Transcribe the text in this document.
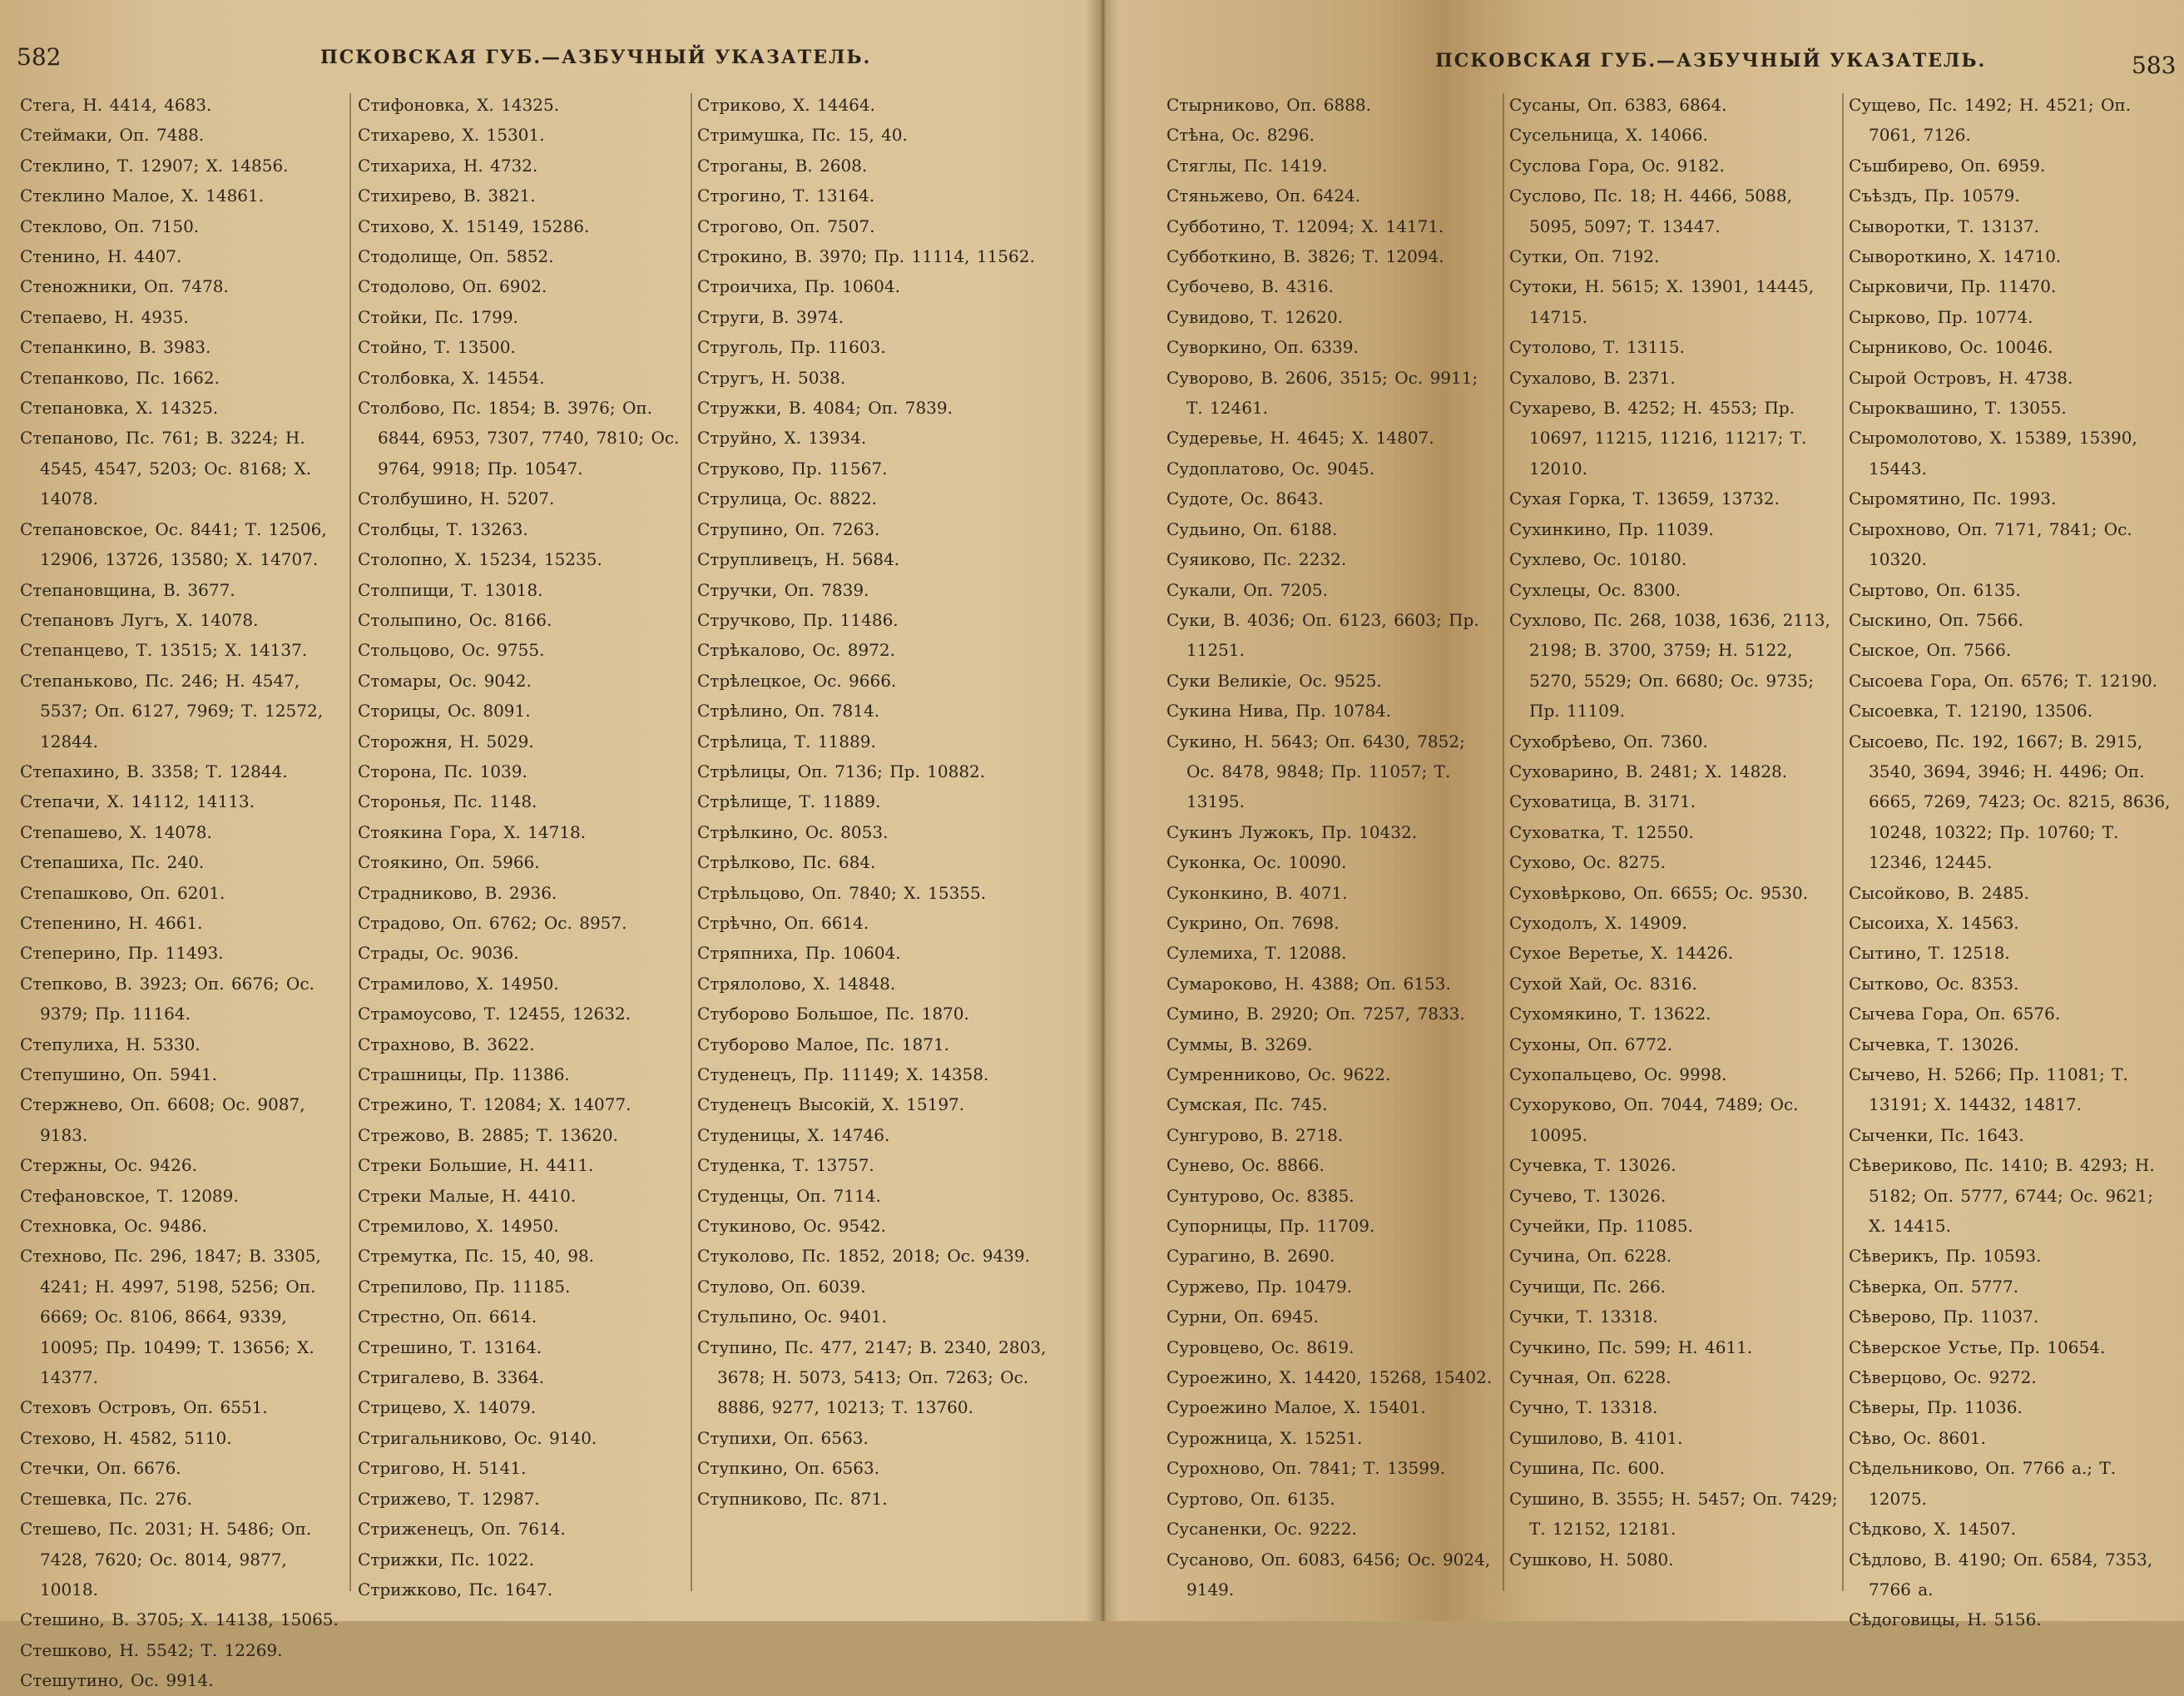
582	ПСКОВСКАЯ ГУБ.—АЗБУЧНЫЙ УКАЗАТЕЛЬ.

Стега, Н. 4414, 4683.

Стеймаки, Оп. 7488.

Стеклино, Т. 12907; Х. 14856.

Стеклино Малое, Х. 14861.

Стеклово, Оп. 7150.

Стенино, Н. 4407.

Стеножники, Оп. 7478.

Степаево, Н. 4935.

Степанкино, В. 3983.

Степанково, Пс. 1662.

Степановка, Х. 14325.

Степаново, Пс. 761; В. 3224; Н. 4545, 4547, 5203; Ос. 8168; Х. 14078.

Степановское, Ос. 8441; Т. 12506, 12906, 13726, 13580; Х. 14707.

Степановщина, В. 3677.

Степановъ Лугъ, Х. 14078.

Степанцево, Т. 13515; Х. 14137.

Степаньково, Пс. 246; Н. 4547, 5537; Оп. 6127, 7969; Т. 12572, 12844.

Степахино, В. 3358; Т. 12844.

Степачи, Х. 14112, 14113.

Степашево, Х. 14078.

Степашиха, Пс. 240.

Степашково, Оп. 6201.

Степенино, Н. 4661.

Степерино, Пр. 11493.

Степково, В. 3923; Оп. 6676; Ос. 9379; Пр. 11164.

Степулиха, Н. 5330.

Степушино, Оп. 5941.

Стержнево, Оп. 6608; Ос. 9087, 9183.

Стержны, Ос. 9426.

Стефановское, Т. 12089.

Стехновка, Ос. 9486.

Стехново, Пс. 296, 1847; В. 3305, 4241; Н. 4997, 5198, 5256; Оп. 6669; Ос. 8106, 8664, 9339, 10095; Пр. 10499; Т. 13656; Х. 14377.

Стеховъ Островъ, Оп. 6551.

Стехово, Н. 4582, 5110.

Стечки, Оп. 6676.

Стешевка, Пс. 276.

Стешево, Пс. 2031; Н. 5486; Оп. 7428, 7620; Ос. 8014, 9877, 10018.

Стешино, В. 3705; Х. 14138, 15065.

Стешково, Н. 5542; Т. 12269.

Стешутино, Ос. 9914.

Стифоновка, Х. 14325.

Стихарево, Х. 15301.

Стихариха, Н. 4732.

Стихирево, В. 3821.

Стихово, Х. 15149, 15286.

Стодолище, Оп. 5852.

Стодолово, Оп. 6902.

Стойки, Пс. 1799.

Стойно, Т. 13500.

Столбовка, Х. 14554.

Столбово, Пс. 1854; В. 3976; Оп. 6844, 6953, 7307, 7740, 7810; Ос. 9764, 9918; Пр. 10547.

Столбушино, Н. 5207.

Столбцы, Т. 13263.

Столопно, Х. 15234, 15235.

Столпищи, Т. 13018.

Столыпино, Ос. 8166.

Стольцово, Ос. 9755.

Стомары, Ос. 9042.

Сторицы, Ос. 8091.

Сторожня, Н. 5029.

Сторона, Пс. 1039.

Сторонья, Пс. 1148.

Стоякина Гора, Х. 14718.

Стоякино, Оп. 5966.

Страдниково, В. 2936.

Страдово, Оп. 6762; Ос. 8957.

Страды, Ос. 9036.

Страмилово, Х. 14950.

Страмоусово, Т. 12455, 12632.

Страхново, В. 3622.

Страшницы, Пр. 11386.

Стрежино, Т. 12084; Х. 14077.

Стрежово, В. 2885; Т. 13620.

Стреки Большие, Н. 4411.

Стреки Малые, Н. 4410.

Стремилово, Х. 14950.

Стремутка, Пс. 15, 40, 98.

Стрепилово, Пр. 11185.

Стрестно, Оп. 6614.

Стрешино, Т. 13164.

Стригалево, В. 3364.

Стрицево, Х. 14079.

Стригальниково, Ос. 9140.

Стригово, Н. 5141.

Стрижево, Т. 12987.

Стриженецъ, Оп. 7614.

Стрижки, Пс. 1022.

Стрижково, Пс. 1647.

Стриково, Х. 14464.

Стримушка, Пс. 15, 40.

Строганы, В. 2608.

Строгино, Т. 13164.

Строгово, Оп. 7507.

Строкино, В. 3970; Пр. 11114, 11562.

Строичиха, Пр. 10604.

Струги, В. 3974.

Струголь, Пр. 11603.

Стругъ, Н. 5038.

Стружки, В. 4084; Оп. 7839.

Струйно, Х. 13934.

Струково, Пр. 11567.

Струлица, Ос. 8822.

Струпино, Оп. 7263.

Струпливецъ, Н. 5684.

Стручки, Оп. 7839.

Стручково, Пр. 11486.

Стрѣкалово, Ос. 8972.

Стрѣлецкое, Ос. 9666.

Стрѣлино, Оп. 7814.

Стрѣлица, Т. 11889.

Стрѣлицы, Оп. 7136; Пр. 10882.

Стрѣлище, Т. 11889.

Стрѣлкино, Ос. 8053.

Стрѣлково, Пс. 684.

Стрѣльцово, Оп. 7840; Х. 15355.

Стрѣчно, Оп. 6614.

Стряпниха, Пр. 10604.

Стрялолово, Х. 14848.

Стуборово Большое, Пс. 1870.

Стуборово Малое, Пс. 1871.

Студенецъ, Пр. 11149; Х. 14358.

Студенецъ Высокій, Х. 15197.

Студеницы, Х. 14746.

Студенка, Т. 13757.

Студенцы, Оп. 7114.

Стукиново, Ос. 9542.

Стуколово, Пс. 1852, 2018; Ос. 9439.

Стулово, Оп. 6039.

Стульпино, Ос. 9401.

Ступино, Пс. 477, 2147; В. 2340, 2803, 3678; Н. 5073, 5413; Оп. 7263; Ос. 8886, 9277, 10213; Т. 13760.

Ступихи, Оп. 6563.

Ступкино, Оп. 6563.

Ступниково, Пс. 871.

ПСКОВСКАЯ ГУБ.—АЗБУЧНЫЙ УКАЗАТЕЛЬ.	583

Стырниково, Оп. 6888.

Стѣна, Ос. 8296.

Стяглы, Пс. 1419.

Стяньжево, Оп. 6424.

Субботино, Т. 12094; Х. 14171.

Субботкино, В. 3826; Т. 12094.

Субочево, В. 4316.

Сувидово, Т. 12620.

Суворкино, Оп. 6339.

Суворово, В. 2606, 3515; Ос. 9911; Т. 12461.

Судеревье, Н. 4645; Х. 14807.

Судоплатово, Ос. 9045.

Судоте, Ос. 8643.

Судьино, Оп. 6188.

Суяиково, Пс. 2232.

Сукали, Оп. 7205.

Суки, В. 4036; Оп. 6123, 6603; Пр. 11251.

Суки Великіе, Ос. 9525.

Сукина Нива, Пр. 10784.

Сукино, Н. 5643; Оп. 6430, 7852; Ос. 8478, 9848; Пр. 11057; Т. 13195.

Сукинъ Лужокъ, Пр. 10432.

Суконка, Ос. 10090.

Суконкино, В. 4071.

Сукрино, Оп. 7698.

Сулемиха, Т. 12088.

Сумароково, Н. 4388; Оп. 6153.

Сумино, В. 2920; Оп. 7257, 7833.

Суммы, В. 3269.

Сумренниково, Ос. 9622.

Сумская, Пс. 745.

Сунгурово, В. 2718.

Сунево, Ос. 8866.

Сунтурово, Ос. 8385.

Супорницы, Пр. 11709.

Сурагино, В. 2690.

Суржево, Пр. 10479.

Сурни, Оп. 6945.

Суровцево, Ос. 8619.

Суроежино, Х. 14420, 15268, 15402.

Суроежино Малое, Х. 15401.

Сурожница, Х. 15251.

Сурохново, Оп. 7841; Т. 13599.

Суртово, Оп. 6135.

Сусаненки, Ос. 9222.

Сусаново, Оп. 6083, 6456; Ос. 9024, 9149.

Сусаны, Оп. 6383, 6864.

Сусельница, Х. 14066.

Суслова Гора, Ос. 9182.

Суслово, Пс. 18; Н. 4466, 5088, 5095, 5097; Т. 13447.

Сутки, Оп. 7192.

Сутоки, Н. 5615; Х. 13901, 14445, 14715.

Сутолово, Т. 13115.

Сухалово, В. 2371.

Сухарево, В. 4252; Н. 4553; Пр. 10697, 11215, 11216, 11217; Т. 12010.

Сухая Горка, Т. 13659, 13732.

Сухинкино, Пр. 11039.

Сухлево, Ос. 10180.

Сухлецы, Ос. 8300.

Сухлово, Пс. 268, 1038, 1636, 2113, 2198; В. 3700, 3759; Н. 5122, 5270, 5529; Оп. 6680; Ос. 9735; Пр. 11109.

Сухобрѣево, Оп. 7360.

Суховарино, В. 2481; Х. 14828.

Суховатица, В. 3171.

Суховатка, Т. 12550.

Сухово, Ос. 8275.

Суховѣрково, Оп. 6655; Ос. 9530.

Суходолъ, Х. 14909.

Сухое Веретье, Х. 14426.

Сухой Хай, Ос. 8316.

Сухомякино, Т. 13622.

Сухоны, Оп. 6772.

Сухопальцево, Ос. 9998.

Сухоруково, Оп. 7044, 7489; Ос. 10095.

Сучевка, Т. 13026.

Сучево, Т. 13026.

Сучейки, Пр. 11085.

Сучина, Оп. 6228.

Сучищи, Пс. 266.

Сучки, Т. 13318.

Сучкино, Пс. 599; Н. 4611.

Сучная, Оп. 6228.

Сучно, Т. 13318.

Сушилово, В. 4101.

Сушина, Пс. 600.

Сушино, В. 3555; Н. 5457; Оп. 7429; Т. 12152, 12181.

Сушково, Н. 5080.

Сущево, Пс. 1492; Н. 4521; Оп. 7061, 7126.

Съшбирево, Оп. 6959.

Съѣздъ, Пр. 10579.

Сыворотки, Т. 13137.

Сывороткино, Х. 14710.

Сырковичи, Пр. 11470.

Сырково, Пр. 10774.

Сырниково, Ос. 10046.

Сырой Островъ, Н. 4738.

Сыроквашино, Т. 13055.

Сыромолотово, Х. 15389, 15390, 15443.

Сыромятино, Пс. 1993.

Сырохново, Оп. 7171, 7841; Ос. 10320.

Сыртово, Оп. 6135.

Сыскино, Оп. 7566.

Сыское, Оп. 7566.

Сысоева Гора, Оп. 6576; Т. 12190.

Сысоевка, Т. 12190, 13506.

Сысоево, Пс. 192, 1667; В. 2915, 3540, 3694, 3946; Н. 4496; Оп. 6665, 7269, 7423; Ос. 8215, 8636, 10248, 10322; Пр. 10760; Т. 12346, 12445.

Сысойково, В. 2485.

Сысоиха, Х. 14563.

Сытино, Т. 12518.

Сытково, Ос. 8353.

Сычева Гора, Оп. 6576.

Сычевка, Т. 13026.

Сычево, Н. 5266; Пр. 11081; Т. 13191; Х. 14432, 14817.

Сыченки, Пс. 1643.

Сѣвериково, Пс. 1410; В. 4293; Н. 5182; Оп. 5777, 6744; Ос. 9621; Х. 14415.

Сѣверикъ, Пр. 10593.

Сѣверка, Оп. 5777.

Сѣверово, Пр. 11037.

Сѣверское Устье, Пр. 10654.

Сѣверцово, Ос. 9272.

Сѣверы, Пр. 11036.

Сѣво, Ос. 8601.

Сѣдельниково, Оп. 7766 а.; Т. 12075.

Сѣдково, Х. 14507.

Сѣдлово, В. 4190; Оп. 6584, 7353, 7766 а.

Сѣдоговицы, Н. 5156.
